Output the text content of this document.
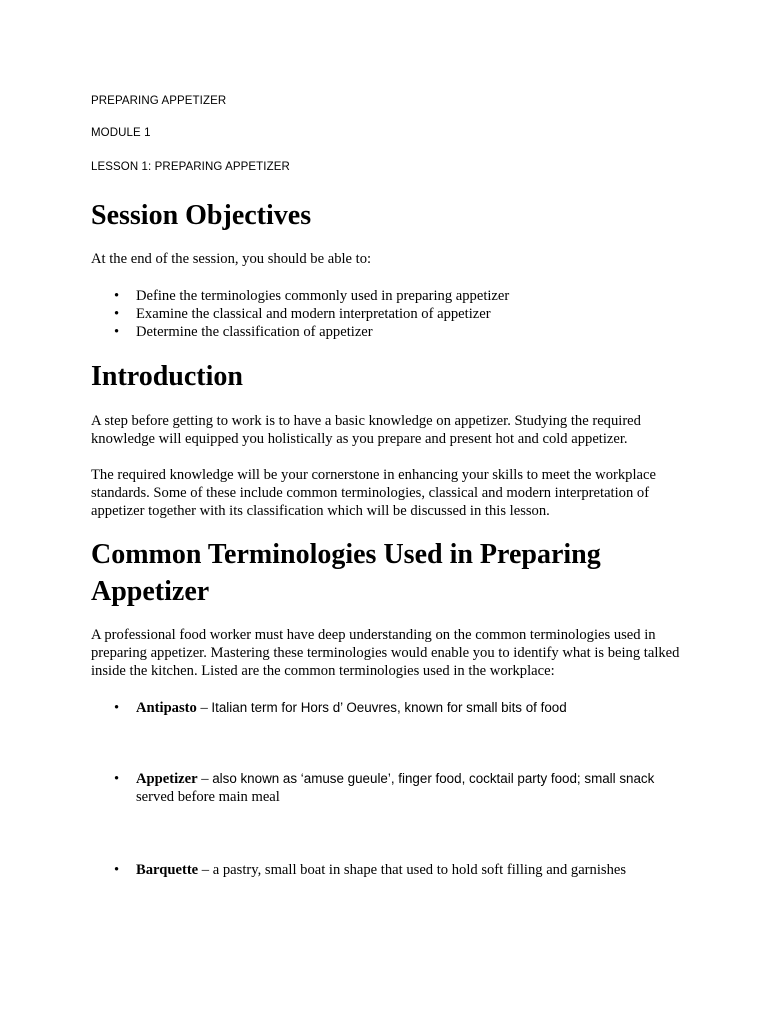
PREPARING APPETIZER
MODULE 1
LESSON 1: PREPARING APPETIZER
Session Objectives

At the end of the session, you should be able to:

• Define the terminologies commonly used in preparing appetizer
• Examine the classical and modern interpretation of appetizer
• Determine the classification of appetizer
Introduction

A step before getting to work is to have a basic knowledge on appetizer. Studying the required knowledge will equipped you holistically as you prepare and present hot and cold appetizer.

The required knowledge will be your cornerstone in enhancing your skills to meet the workplace standards. Some of these include common terminologies, classical and modern interpretation of appetizer together with its classification which will be discussed in this lesson.

Common Terminologies Used in Preparing Appetizer

A professional food worker must have deep understanding on the common terminologies used in preparing appetizer. Mastering these terminologies would enable you to identify what is being talked inside the kitchen. Listed are the common terminologies used in the workplace:

• Antipasto – Italian term for Hors d’ Oeuvres, known for small bits of food
• Appetizer – also known as ‘amuse gueule’, finger food, cocktail party food; small snack
served before main meal
• Barquette – a pastry, small boat in shape that used to hold soft filling and garnishes
